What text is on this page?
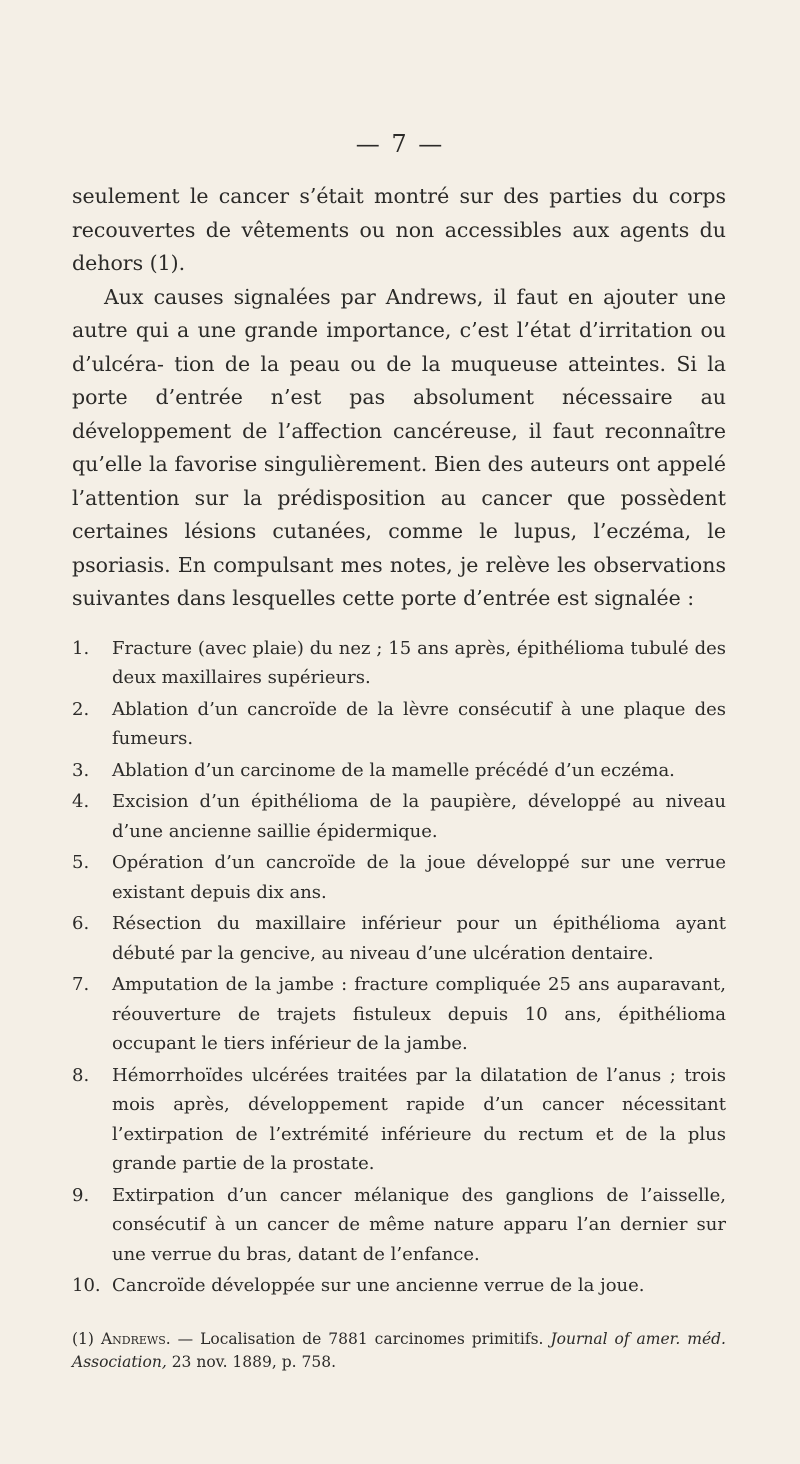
— 7 —

seulement le cancer s’était montré sur des parties du corps recouvertes de vêtements ou non accessibles aux agents du dehors (1).

Aux causes signalées par Andrews, il faut en ajouter une autre qui a une grande importance, c’est l’état d’irritation ou d’ulcéra- tion de la peau ou de la muqueuse atteintes. Si la porte d’entrée n’est pas absolument nécessaire au développement de l’affection cancéreuse, il faut reconnaître qu’elle la favorise singulièrement. Bien des auteurs ont appelé l’attention sur la prédisposition au cancer que possèdent certaines lésions cutanées, comme le lupus, l’eczéma, le psoriasis. En compulsant mes notes, je relève les observations suivantes dans lesquelles cette porte d’entrée est signalée :

1.	Fracture (avec plaie) du nez ; 15 ans après, épithélioma tubulé des deux maxillaires supérieurs.
2.	Ablation d’un cancroïde de la lèvre consécutif à une plaque des fumeurs.
3.	Ablation d’un carcinome de la mamelle précédé d’un eczéma.
4.	Excision d’un épithélioma de la paupière, développé au niveau d’une ancienne saillie épidermique.
5.	Opération d’un cancroïde de la joue développé sur une verrue existant depuis dix ans.
6.	Résection du maxillaire inférieur pour un épithélioma ayant débuté par la gencive, au niveau d’une ulcération dentaire.
7.	Amputation de la jambe : fracture compliquée 25 ans auparavant, réouverture de trajets fistuleux depuis 10 ans, épithélioma occupant le tiers inférieur de la jambe.
8.	Hémorrhoïdes ulcérées traitées par la dilatation de l’anus ; trois mois après, développement rapide d’un cancer nécessitant l’extirpation de l’extrémité inférieure du rectum et de la plus grande partie de la prostate.
9.	Extirpation d’un cancer mélanique des ganglions de l’aisselle, consécutif à un cancer de même nature apparu l’an dernier sur une verrue du bras, datant de l’enfance.
10. Cancroïde développée sur une ancienne verrue de la joue.
(1) Andrews. — Localisation de 7881 carcinomes primitifs. Journal of amer. méd. Association, 23 nov. 1889, p. 758.
